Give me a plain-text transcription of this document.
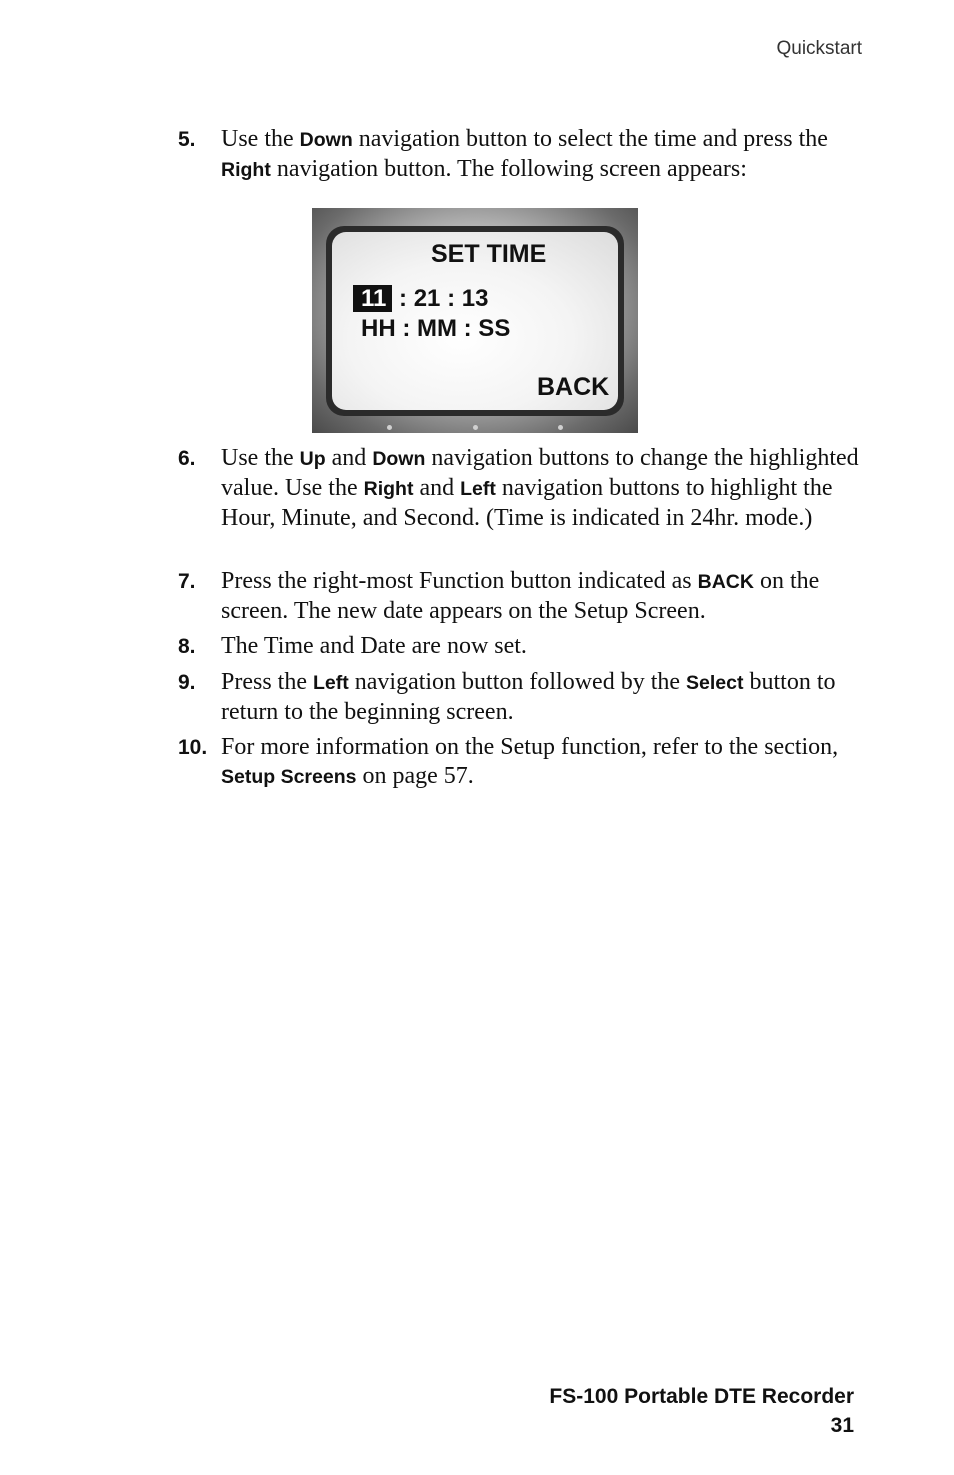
Quickstart
5. Use the Down navigation button to select the time and press the Right navigation button. The following screen appears:
SET TIME
11 : 21 : 13
HH : MM : SS
BACK
6. Use the Up and Down navigation buttons to change the highlighted value. Use the Right and Left navigation buttons to highlight the Hour, Minute, and Second. (Time is indicated in 24hr. mode.)
7. Press the right-most Function button indicated as BACK on the screen. The new date appears on the Setup Screen.
8. The Time and Date are now set.
9. Press the Left navigation button followed by the Select button to return to the beginning screen.
10. For more information on the Setup function, refer to the section, Setup Screens on page 57.
FS-100 Portable DTE Recorder
31
